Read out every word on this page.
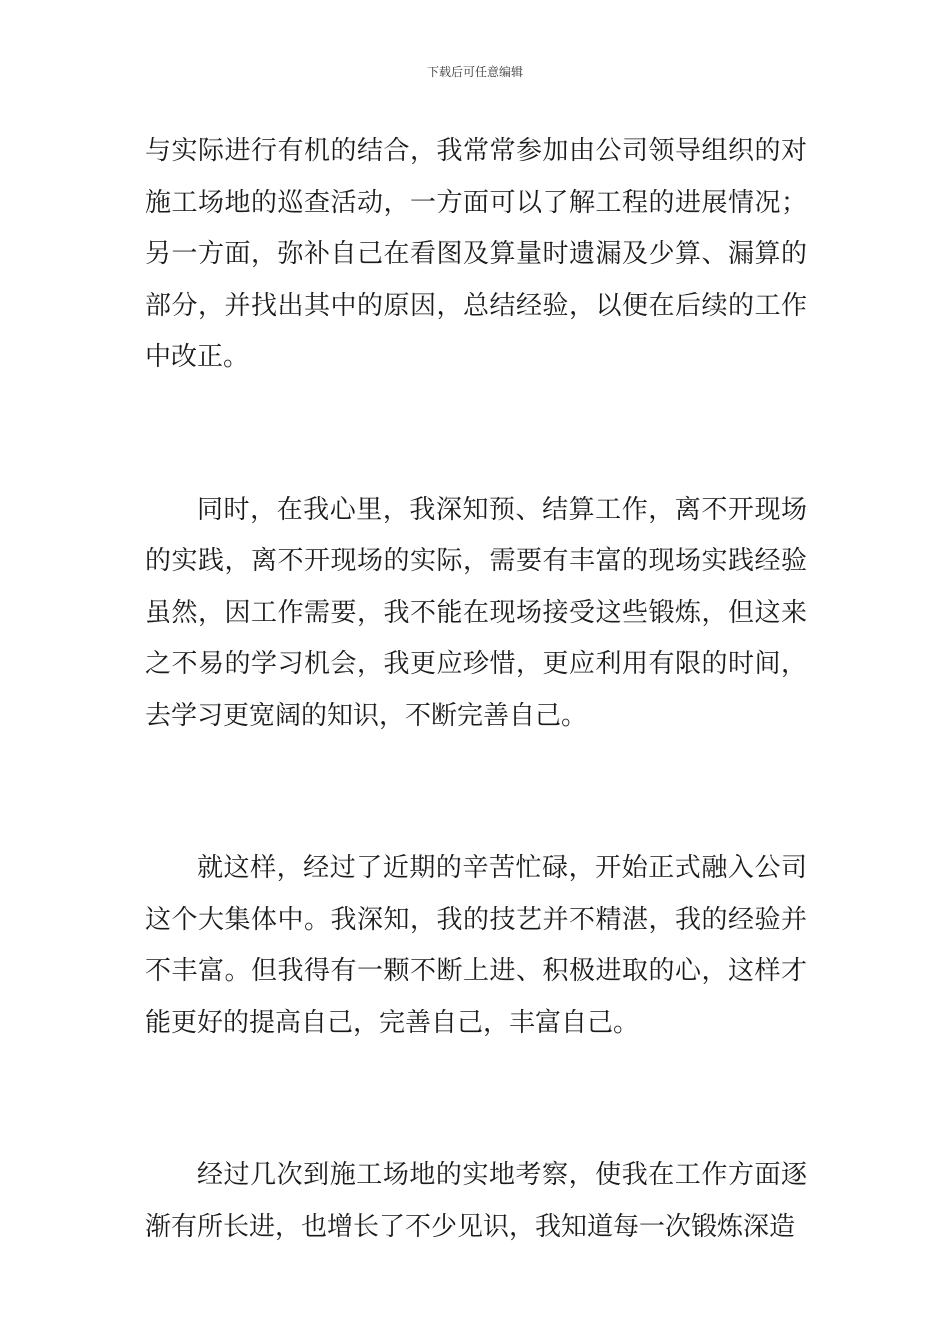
下载后可任意编辑

与实际进行有机的结合，我常常参加由公司领导组织的对施工场地的巡查活动，一方面可以了解工程的进展情况；另一方面，弥补自己在看图及算量时遗漏及少算、漏算的部分，并找出其中的原因，总结经验，以便在后续的工作中改正。

同时，在我心里，我深知预、结算工作，离不开现场的实践，离不开现场的实际，需要有丰富的现场实践经验虽然，因工作需要，我不能在现场接受这些锻炼，但这来之不易的学习机会，我更应珍惜，更应利用有限的时间，去学习更宽阔的知识，不断完善自己。

就这样，经过了近期的辛苦忙碌，开始正式融入公司这个大集体中。我深知，我的技艺并不精湛，我的经验并不丰富。但我得有一颗不断上进、积极进取的心，这样才能更好的提高自己，完善自己，丰富自己。

经过几次到施工场地的实地考察，使我在工作方面逐渐有所长进，也增长了不少见识，我知道每一次锻炼深造
